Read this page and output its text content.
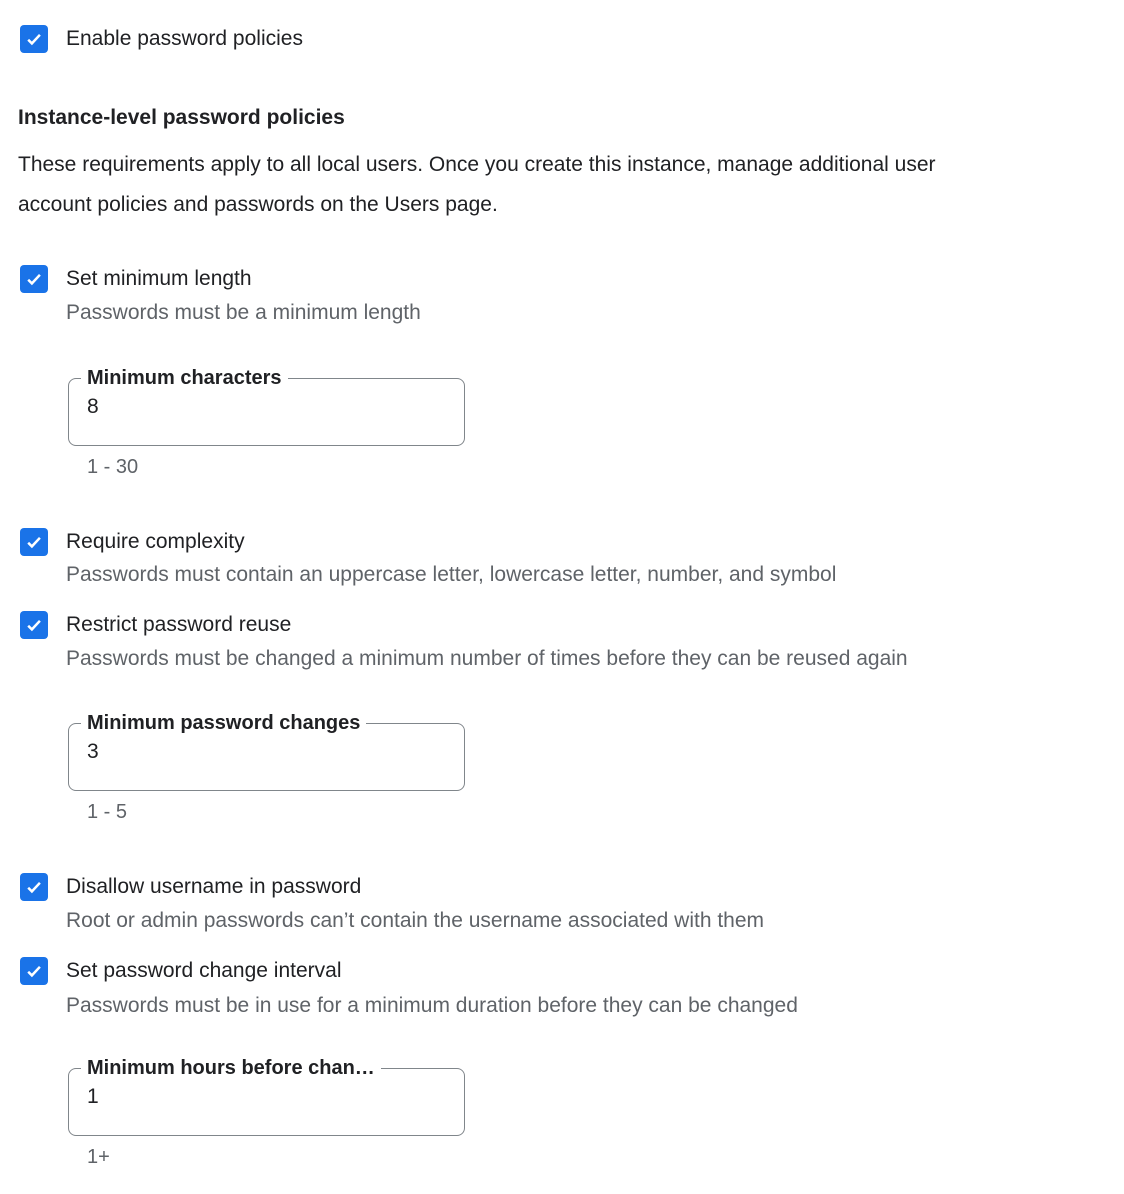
Enable password policies
Instance-level password policies
These requirements apply to all local users. Once you create this instance, manage additional user account policies and passwords on the Users page.
Set minimum length
Passwords must be a minimum length
Minimum characters
8
1 - 30
Require complexity
Passwords must contain an uppercase letter, lowercase letter, number, and symbol
Restrict password reuse
Passwords must be changed a minimum number of times before they can be reused again
Minimum password changes
3
1 - 5
Disallow username in password
Root or admin passwords can’t contain the username associated with them
Set password change interval
Passwords must be in use for a minimum duration before they can be changed
Minimum hours before chan…
1
1+
